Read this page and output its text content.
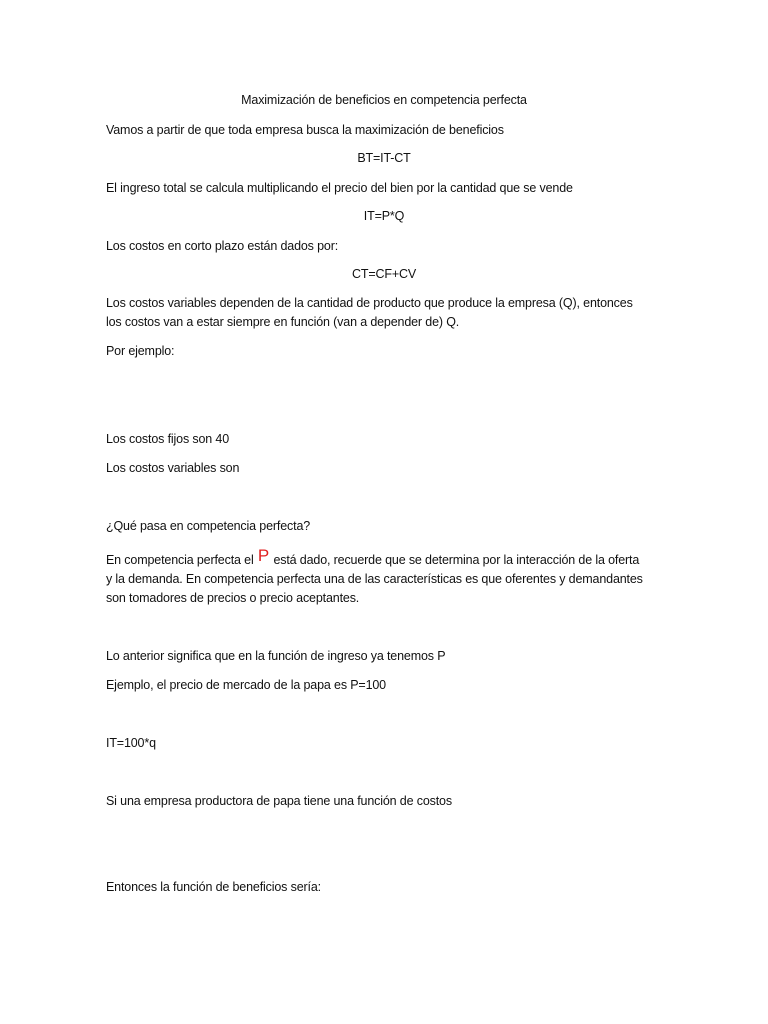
Maximización de beneficios en competencia perfecta
Vamos a partir de que toda empresa busca la maximización de beneficios
BT=IT-CT
El ingreso total se calcula multiplicando el precio del bien por la cantidad que se vende
IT=P*Q
Los costos en corto plazo están dados por:
CT=CF+CV
Los costos variables dependen de la cantidad de producto que produce la empresa (Q), entonces
los costos van a estar siempre en función (van a depender de) Q.
Por ejemplo:
Los costos fijos son 40
Los costos variables son
¿Qué pasa en competencia perfecta?
En competencia perfecta el P está dado, recuerde que se determina por la interacción de la oferta
y la demanda. En competencia perfecta una de las características es que oferentes y demandantes
son tomadores de precios o precio aceptantes.
Lo anterior significa que en la función de ingreso ya tenemos P
Ejemplo, el precio de mercado de la papa es P=100
IT=100*q
Si una empresa productora de papa tiene una función de costos
Entonces la función de beneficios sería:
